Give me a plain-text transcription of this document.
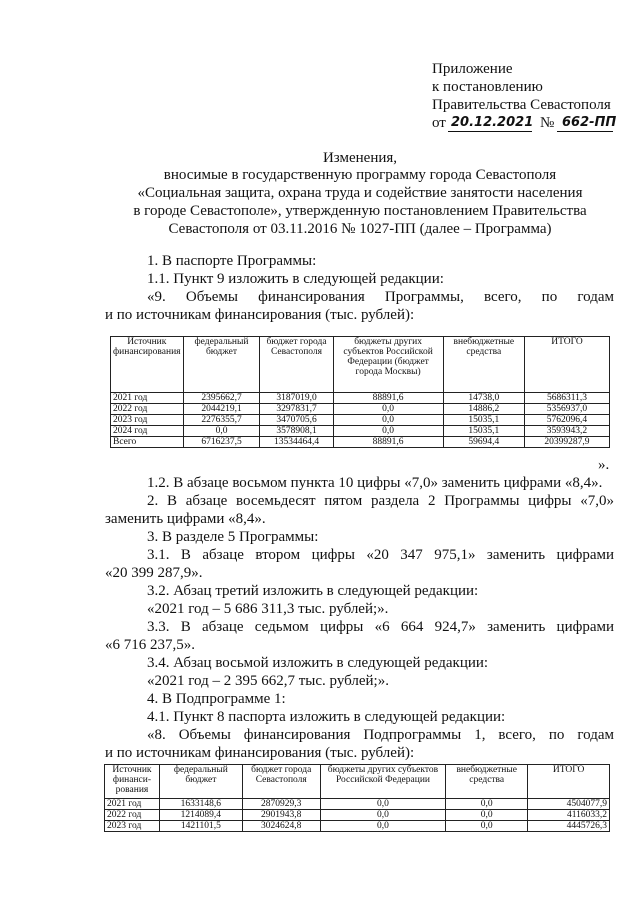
Приложение
к постановлению
Правительства Севастополя
от 20.12.2021 № 662-ПП
Изменения,
вносимые в государственную программу города Севастополя
«Социальная защита, охрана труда и содействие занятости населения
в городе Севастополе», утвержденную постановлением Правительства
Севастополя от 03.11.2016 № 1027-ПП (далее – Программа)
1. В паспорте Программы:
1.1. Пункт 9 изложить в следующей редакции:
«9. Объемы финансирования Программы, всего, по годам
и по источникам финансирования (тыс. рублей):
Источник финансирования	федеральный бюджет	бюджет города Севастополя	бюджеты других субъектов Российской Федерации (бюджет города Москвы)	внебюджетные средства	ИТОГО
2021 год	2395662,7	3187019,0	88891,6	14738,0	5686311,3
2022 год	2044219,1	3297831,7	0,0	14886,2	5356937,0
2023 год	2276355,7	3470705,6	0,0	15035,1	5762096,4
2024 год	0,0	3578908,1	0,0	15035,1	3593943,2
Всего	6716237,5	13534464,4	88891,6	59694,4	20399287,9
».
1.2. В абзаце восьмом пункта 10 цифры «7,0» заменить цифрами «8,4».
2. В абзаце восемьдесят пятом раздела 2 Программы цифры «7,0»
заменить цифрами «8,4».
3. В разделе 5 Программы:
3.1. В абзаце втором цифры «20 347 975,1» заменить цифрами
«20 399 287,9».
3.2. Абзац третий изложить в следующей редакции:
«2021 год – 5 686 311,3 тыс. рублей;».
3.3. В абзаце седьмом цифры «6 664 924,7» заменить цифрами
«6 716 237,5».
3.4. Абзац восьмой изложить в следующей редакции:
«2021 год – 2 395 662,7 тыс. рублей;».
4. В Подпрограмме 1:
4.1. Пункт 8 паспорта изложить в следующей редакции:
«8. Объемы финансирования Подпрограммы 1, всего, по годам
и по источникам финансирования (тыс. рублей):
Источник финанси-рования	федеральный бюджет	бюджет города Севастополя	бюджеты других субъектов Российской Федерации	внебюджетные средства	ИТОГО
2021 год	1633148,6	2870929,3	0,0	0,0	4504077,9
2022 год	1214089,4	2901943,8	0,0	0,0	4116033,2
2023 год	1421101,5	3024624,8	0,0	0,0	4445726,3
